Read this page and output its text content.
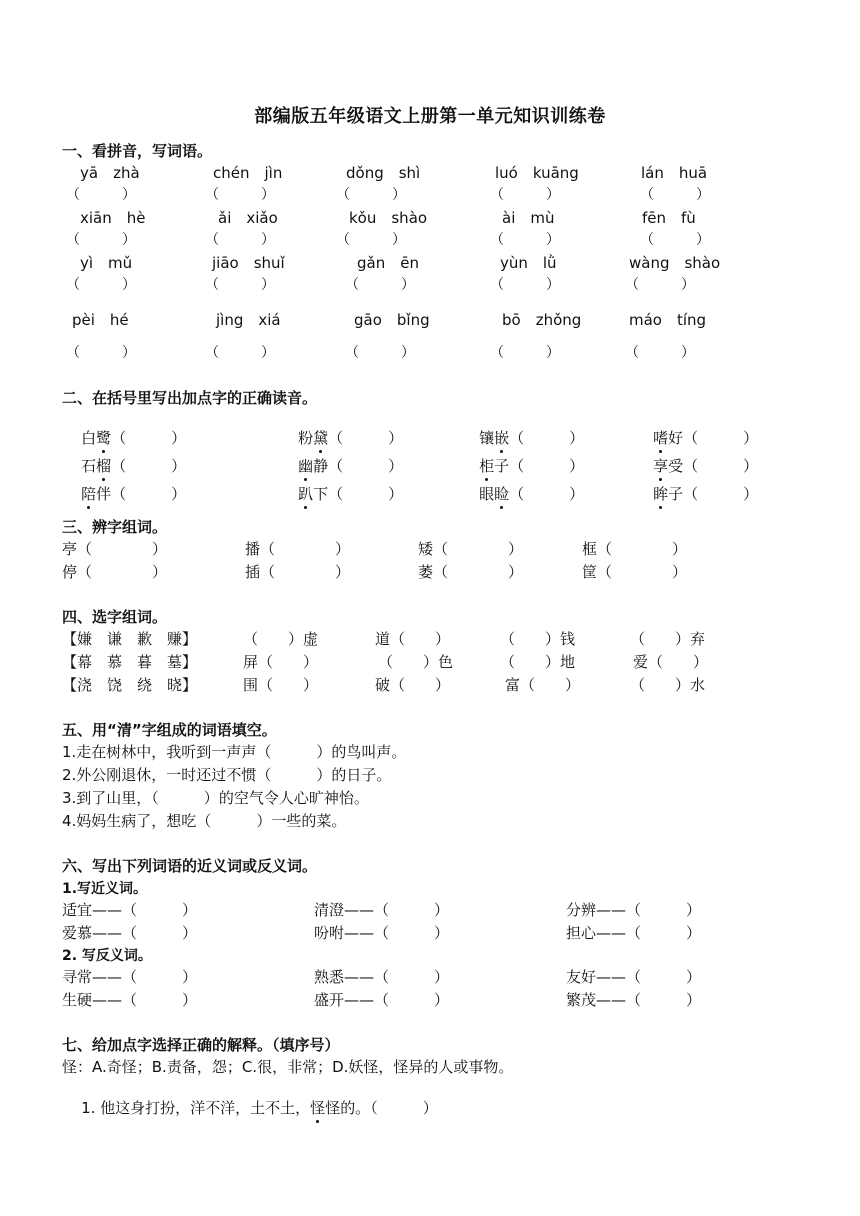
部编版五年级语文上册第一单元知识训练卷
一、看拼音，写词语。
yā　zhà	chén　jìn	dǒng　shì	luó　kuāng	lán　huā
（　　　）	（　　　）	（　　　）	（　　　）	（　　　）
xiān　hè	ǎi　xiǎo	kǒu　shào	ài　mù	fēn　fù
（　　　）	（　　　）	（　　　）	（　　　）	（　　　）
yì　mǔ	jiāo　shuǐ	gǎn　ēn	yùn　lǜ	wàng　shào
（　　　）	（　　　）	（　　　）	（　　　）	（　　　）
pèi　hé	jìng　xiá	gāo　bǐng	bō　zhǒng	máo　tíng
（　　　）	（　　　）	（　　　）	（　　　）	（　　　）
二、在括号里写出加点字的正确读音。

白鹭（　　　）
	粉黛（　　　）
	镶嵌（　　　）
	嗜好（　　　）

石榴（　　　）
	幽静（　　　）
	柜子（　　　）
	享受（　　　）

陪伴（　　　）
	趴下（　　　）
	眼睑（　　　）
	眸子（　　　）

三、辨字组词。
亭（　　　　）	播（　　　　）	矮（　　　　）	框（　　　　）
停（　　　　）	插（　　　　）	萎（　　　　）	筐（　　　　）
四、选字组词。
【嫌　谦　歉　赚】	（　　）虚	道（　　）	（　　）钱	（　　）弃
【幕　慕　暮　墓】	屏（　　）	（　　）色	（　　）地	爱（　　）
【浇　饶　绕　晓】	围（　　）	破（　　）	富（　　）	（　　）水
五、用“清”字组成的词语填空。
1.走在树林中，我听到一声声（　　　）的鸟叫声。
2.外公刚退休，一时还过不惯（　　　）的日子。
3.到了山里，（　　　）的空气令人心旷神怡。
4.妈妈生病了，想吃（　　　）一些的菜。
六、写出下列词语的近义词或反义词。
1.写近义词。
适宜——（　　　）	清澄——（　　　）	分辨——（　　　）
爱慕——（　　　）	吩咐——（　　　）	担心——（　　　）
2. 写反义词。
寻常——（　　　）	熟悉——（　　　）	友好——（　　　）
生硬——（　　　）	盛开——（　　　）	繁茂——（　　　）
七、给加点字选择正确的解释。（填序号）
怪：A.奇怪；B.责备，怨；C.很，非常；D.妖怪，怪异的人或事物。

1. 他这身打扮，洋不洋，土不土，怪怪的。（　　　）
